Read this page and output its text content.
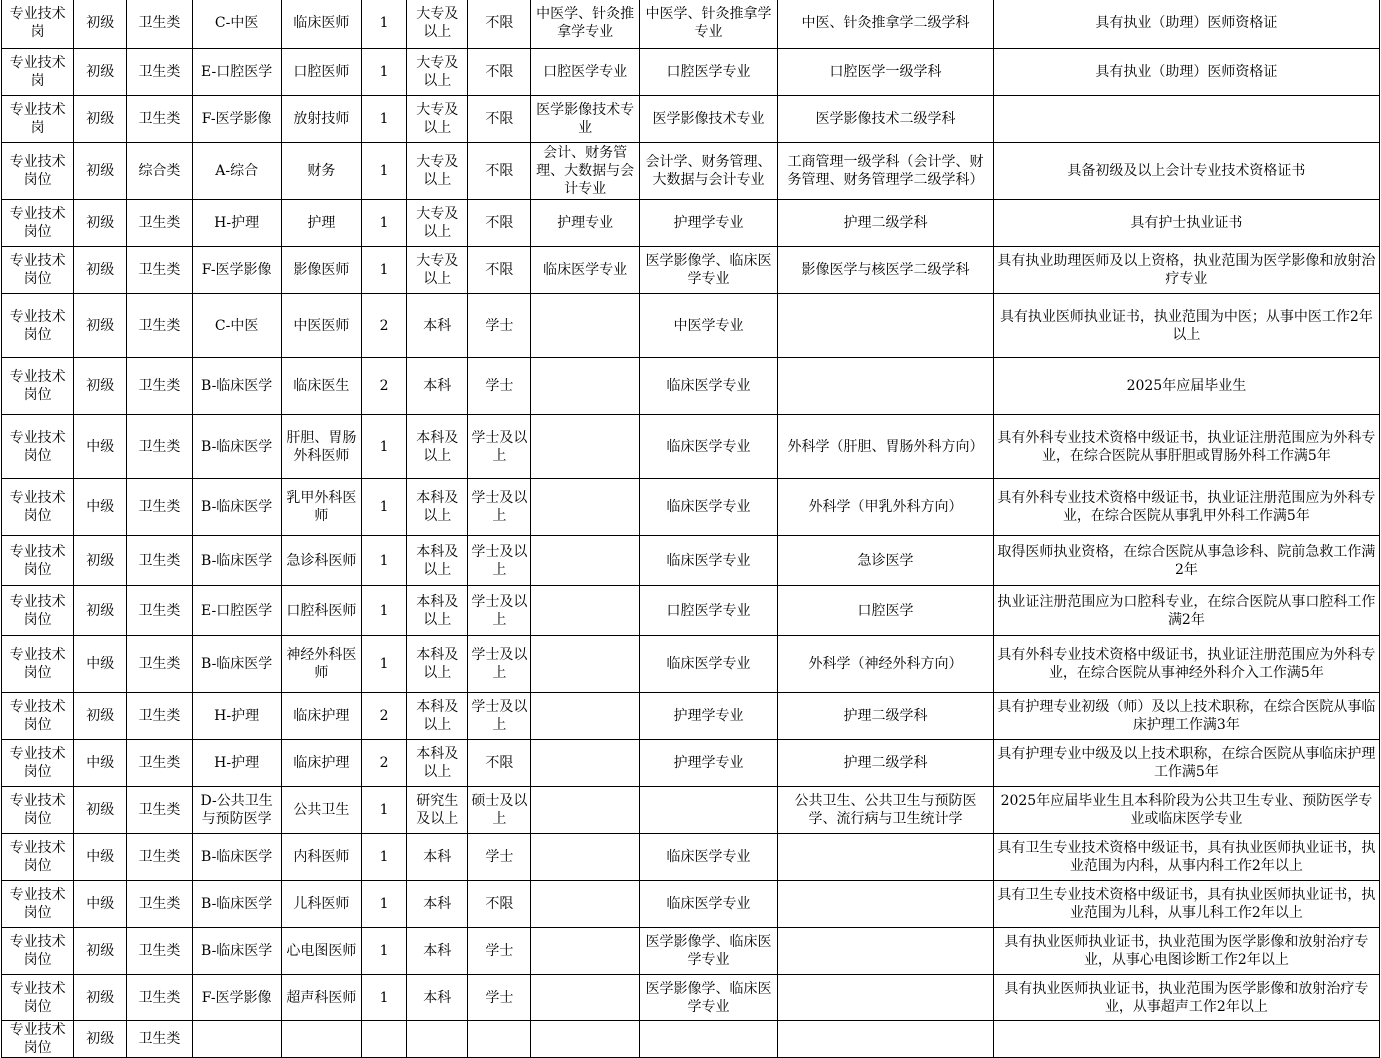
专业技术岗	初级	卫生类	C-中医	临床医师	1	大专及以上	不限	中医学、针灸推拿学专业	中医学、针灸推拿学专业	中医、针灸推拿学二级学科	具有执业（助理）医师资格证
专业技术岗	初级	卫生类	E-口腔医学	口腔医师	1	大专及以上	不限	口腔医学专业	口腔医学专业	口腔医学一级学科	具有执业（助理）医师资格证
专业技术岗	初级	卫生类	F-医学影像	放射技师	1	大专及以上	不限	医学影像技术专业	医学影像技术专业	医学影像技术二级学科	
专业技术岗位	初级	综合类	A-综合	财务	1	大专及以上	不限	会计、财务管理、大数据与会计专业	会计学、财务管理、大数据与会计专业	工商管理一级学科（会计学、财务管理、财务管理学二级学科）	具备初级及以上会计专业技术资格证书
专业技术岗位	初级	卫生类	H-护理	护理	1	大专及以上	不限	护理专业	护理学专业	护理二级学科	具有护士执业证书
专业技术岗位	初级	卫生类	F-医学影像	影像医师	1	大专及以上	不限	临床医学专业	医学影像学、临床医学专业	影像医学与核医学二级学科	具有执业助理医师及以上资格，执业范围为医学影像和放射治疗专业
专业技术岗位	初级	卫生类	C-中医	中医医师	2	本科	学士		中医学专业		具有执业医师执业证书，执业范围为中医；从事中医工作2年以上
专业技术岗位	初级	卫生类	B-临床医学	临床医生	2	本科	学士		临床医学专业		2025年应届毕业生
专业技术岗位	中级	卫生类	B-临床医学	肝胆、胃肠外科医师	1	本科及以上	学士及以上		临床医学专业	外科学（肝胆、胃肠外科方向）	具有外科专业技术资格中级证书，执业证注册范围应为外科专业，在综合医院从事肝胆或胃肠外科工作满5年
专业技术岗位	中级	卫生类	B-临床医学	乳甲外科医师	1	本科及以上	学士及以上		临床医学专业	外科学（甲乳外科方向）	具有外科专业技术资格中级证书，执业证注册范围应为外科专业，在综合医院从事乳甲外科工作满5年
专业技术岗位	初级	卫生类	B-临床医学	急诊科医师	1	本科及以上	学士及以上		临床医学专业	急诊医学	取得医师执业资格，在综合医院从事急诊科、院前急救工作满2年
专业技术岗位	初级	卫生类	E-口腔医学	口腔科医师	1	本科及以上	学士及以上		口腔医学专业	口腔医学	执业证注册范围应为口腔科专业，在综合医院从事口腔科工作满2年
专业技术岗位	中级	卫生类	B-临床医学	神经外科医师	1	本科及以上	学士及以上		临床医学专业	外科学（神经外科方向）	具有外科专业技术资格中级证书，执业证注册范围应为外科专业，在综合医院从事神经外科介入工作满5年
专业技术岗位	初级	卫生类	H-护理	临床护理	2	本科及以上	学士及以上		护理学专业	护理二级学科	具有护理专业初级（师）及以上技术职称，在综合医院从事临床护理工作满3年
专业技术岗位	中级	卫生类	H-护理	临床护理	2	本科及以上	不限		护理学专业	护理二级学科	具有护理专业中级及以上技术职称，在综合医院从事临床护理工作满5年
专业技术岗位	初级	卫生类	D-公共卫生与预防医学	公共卫生	1	研究生及以上	硕士及以上			公共卫生、公共卫生与预防医学、流行病与卫生统计学	2025年应届毕业生且本科阶段为公共卫生专业、预防医学专业或临床医学专业
专业技术岗位	中级	卫生类	B-临床医学	内科医师	1	本科	学士		临床医学专业		具有卫生专业技术资格中级证书，具有执业医师执业证书，执业范围为内科，从事内科工作2年以上
专业技术岗位	中级	卫生类	B-临床医学	儿科医师	1	本科	不限		临床医学专业		具有卫生专业技术资格中级证书，具有执业医师执业证书，执业范围为儿科，从事儿科工作2年以上
专业技术岗位	初级	卫生类	B-临床医学	心电图医师	1	本科	学士		医学影像学、临床医学专业		具有执业医师执业证书，执业范围为医学影像和放射治疗专业，从事心电图诊断工作2年以上
专业技术岗位	初级	卫生类	F-医学影像	超声科医师	1	本科	学士		医学影像学、临床医学专业		具有执业医师执业证书，执业范围为医学影像和放射治疗专业，从事超声工作2年以上
专业技术岗位	初级	卫生类									
